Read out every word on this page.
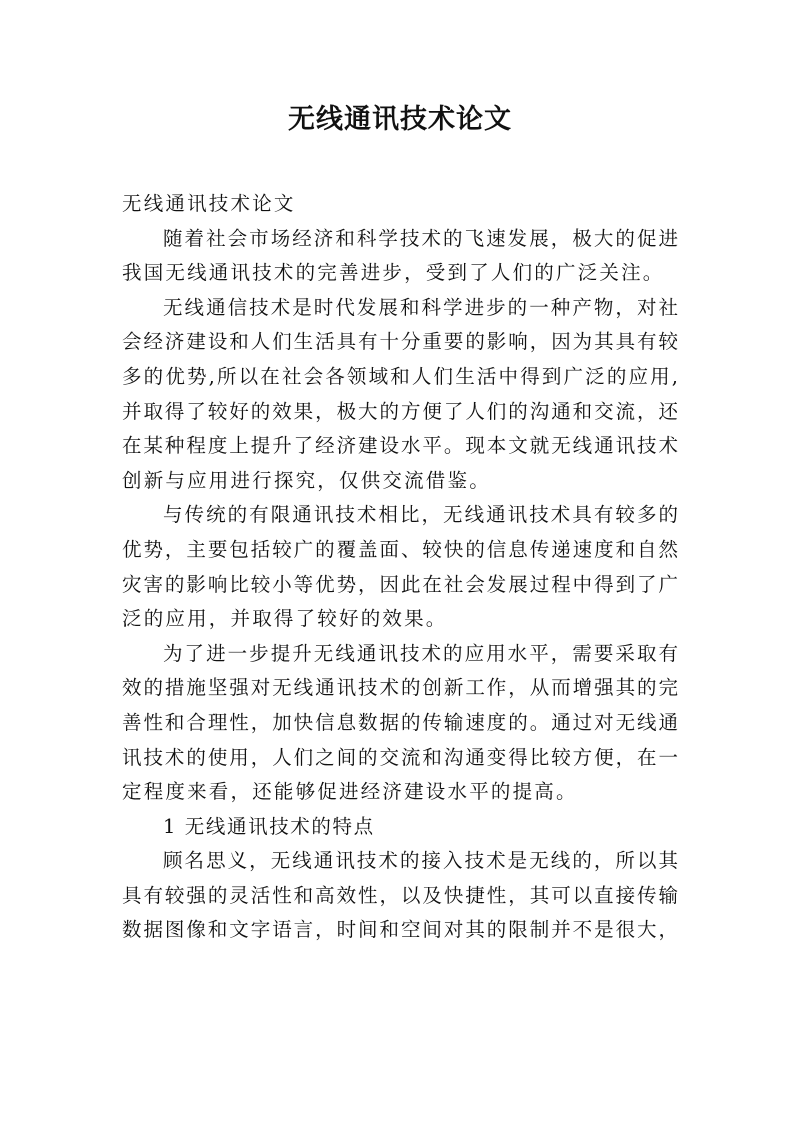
无线通讯技术论文
无线通讯技术论文
随着社会市场经济和科学技术的飞速发展，极大的促进
我国无线通讯技术的完善进步，受到了人们的广泛关注。
无线通信技术是时代发展和科学进步的一种产物，对社
会经济建设和人们生活具有十分重要的影响，因为其具有较
多的优势,所以在社会各领域和人们生活中得到广泛的应用,
并取得了较好的效果，极大的方便了人们的沟通和交流，还
在某种程度上提升了经济建设水平。现本文就无线通讯技术
创新与应用进行探究，仅供交流借鉴。
与传统的有限通讯技术相比，无线通讯技术具有较多的
优势，主要包括较广的覆盖面、较快的信息传递速度和自然
灾害的影响比较小等优势，因此在社会发展过程中得到了广
泛的应用，并取得了较好的效果。
为了进一步提升无线通讯技术的应用水平，需要采取有
效的措施坚强对无线通讯技术的创新工作，从而增强其的完
善性和合理性，加快信息数据的传输速度的。通过对无线通
讯技术的使用，人们之间的交流和沟通变得比较方便，在一
定程度来看，还能够促进经济建设水平的提高。
1 无线通讯技术的特点
顾名思义，无线通讯技术的接入技术是无线的，所以其
具有较强的灵活性和高效性，以及快捷性，其可以直接传输
数据图像和文字语言，时间和空间对其的限制并不是很大，
